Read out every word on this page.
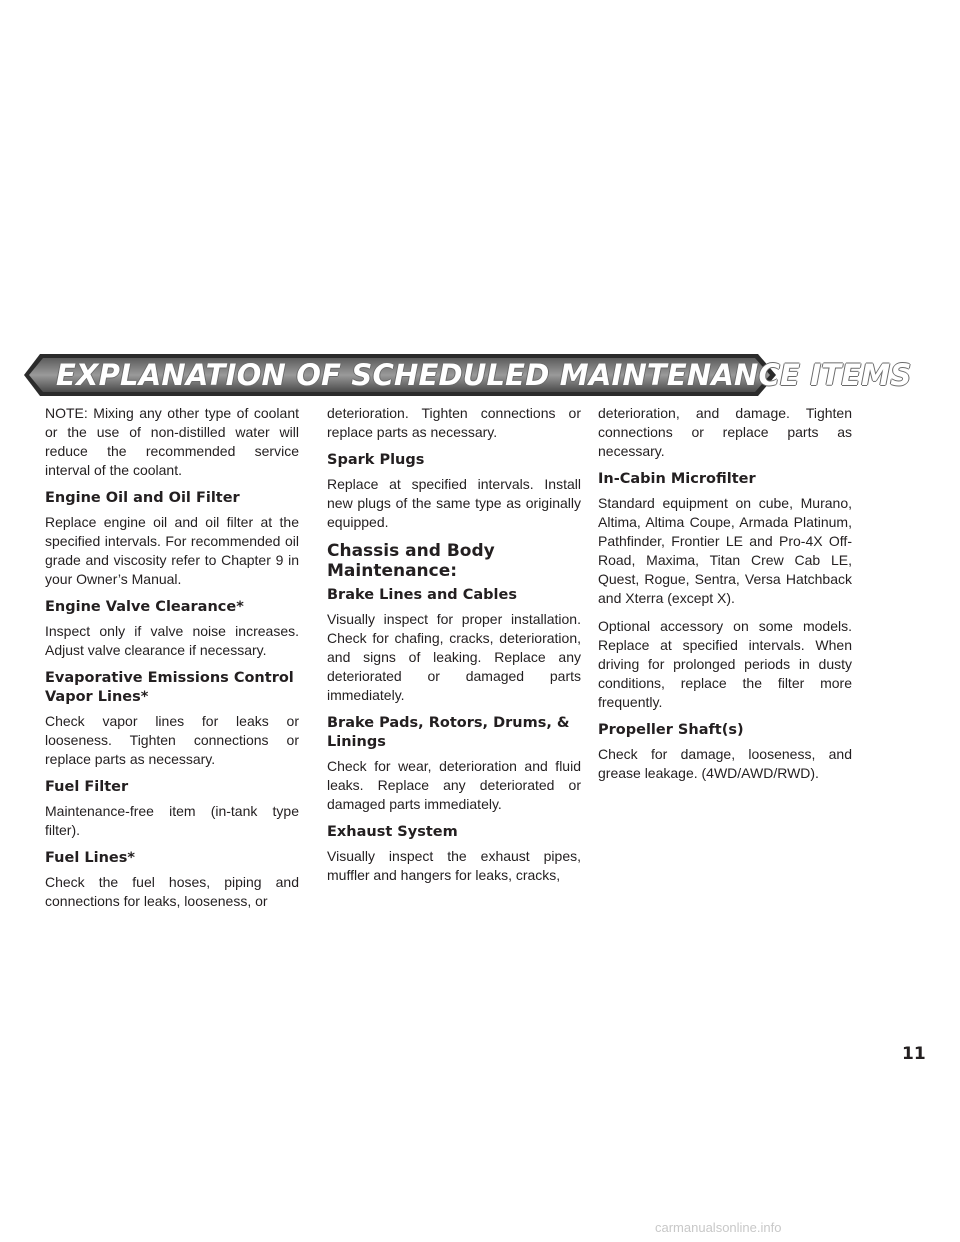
EXPLANATION OF SCHEDULED MAINTENANCE ITEMS

NOTE: Mixing any other type of coolant or the use of non-distilled water will reduce the recommended service interval of the coolant.

Engine Oil and Oil Filter

Replace engine oil and oil filter at the specified intervals. For recommended oil grade and viscosity refer to Chapter 9 in your Owner’s Manual.

Engine Valve Clearance*

Inspect only if valve noise increases. Adjust valve clearance if necessary.

Evaporative Emissions Control Vapor Lines*

Check vapor lines for leaks or looseness. Tighten connections or replace parts as necessary.

Fuel Filter

Maintenance-free item (in-tank type filter).

Fuel Lines*

Check the fuel hoses, piping and connections for leaks, looseness, or

deterioration. Tighten connections or replace parts as necessary.

Spark Plugs

Replace at specified intervals. Install new plugs of the same type as originally equipped.

Chassis and Body Maintenance:
Brake Lines and Cables

Visually inspect for proper installation. Check for chafing, cracks, deterioration, and signs of leaking. Replace any deteriorated or damaged parts immediately.

Brake Pads, Rotors, Drums, & Linings

Check for wear, deterioration and fluid leaks. Replace any deteriorated or damaged parts immediately.

Exhaust System

Visually inspect the exhaust pipes, muffler and hangers for leaks, cracks,

deterioration, and damage. Tighten connections or replace parts as necessary.

In-Cabin Microfilter

Standard equipment on cube, Murano, Altima, Altima Coupe, Armada Platinum, Pathfinder, Frontier LE and Pro-4X Off-Road, Maxima, Titan Crew Cab LE, Quest, Rogue, Sentra, Versa Hatchback and Xterra (except X).

Optional accessory on some models. Replace at specified intervals. When driving for prolonged periods in dusty conditions, replace the filter more frequently.

Propeller Shaft(s)

Check for damage, looseness, and grease leakage. (4WD/AWD/RWD).

11
carmanualsonline.info
